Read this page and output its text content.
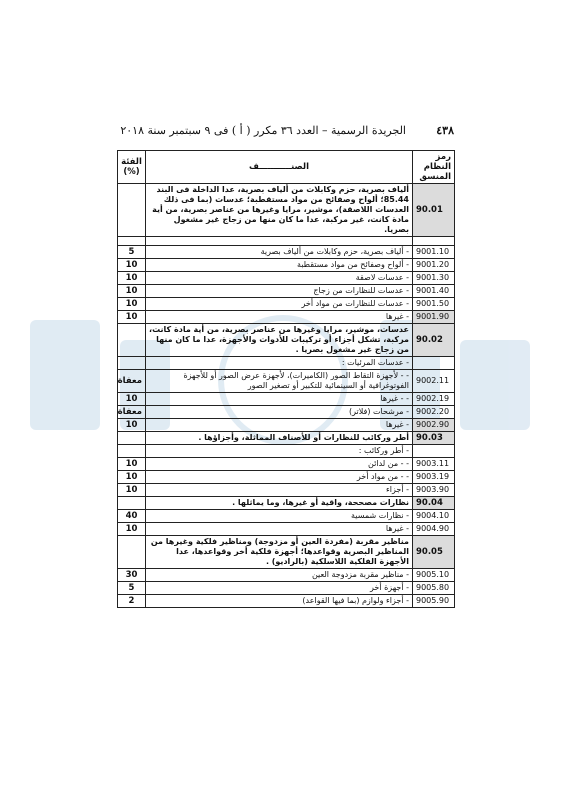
٤٣٨
الجريدة الرسمية – العدد ٣٦ مكرر ( أ ) فى ٩ سبتمبر سنة ٢٠١٨
رمز النظام المنسق	الصنـــــــــــف	الفئة (%)
90.01	ألياف بصرية، حزم وكابلات من ألياف بصرية، عدا الداخلة فى البند 85.44؛ ألواح وصفائح من مواد مستقطبة؛ عدسات (بما فى ذلك العدسات اللاصقة)، موشير، مرايا وغيرها من عناصر بصرية، من أية مادة كانت، غير مركبة، عدا ما كان منها من زجاج غير مشغول بصريا.	

9001.10	- ألياف بصرية، حزم وكابلات من ألياف بصرية	5
9001.20	- ألواح وصفائح من مواد مستقطبة	10
9001.30	- عدسات لاصقة	10
9001.40	- عدسات للنظارات من زجاج	10
9001.50	- عدسات للنظارات من مواد أخر	10
9001.90	- غيرها	10
90.02	عدسات، موشير، مرايا وغيرها من عناصر بصرية، من أية مادة كانت، مركبة، تشكل أجزاء أو تركيبات للأدوات والأجهزة، عدا ما كان منها من زجاج غير مشغول بصريا .	
	- عدسات المرئيات :	
9002.11	- - لأجهزة التقاط الصور (الكاميرات)، لأجهزة عرض الصور أو للأجهزة الفوتوغرافية أو السينمائية للتكبير أو تصغير الصور	معفاة
9002.19	- - غيرها	10
9002.20	- مرشحات (فلاتر)	معفاة
9002.90	- غيرها	10
90.03	أطر وركائب للنظارات أو للأصناف المماثلة، وأجزاؤها .	
	- أطر وركائب :	
9003.11	- - من لدائن	10
9003.19	- - من مواد أخر	10
9003.90	- أجزاء	10
90.04	نظارات مصححة، واقية أو غيرها، وما يماثلها .	
9004.10	- نظارات شمسية	40
9004.90	- غيرها	10
90.05	مناظير مقربة (مفردة العين أو مزدوجة) ومناظير فلكية وغيرها من المناظير البصرية وقواعدها؛ أجهزة فلكية أخر وقواعدها، عدا الأجهزة الفلكية اللاسلكية (بالراديو) .	
9005.10	- مناظير مقربة مزدوجة العين	30
9005.80	- أجهزة أخر	5
9005.90	- أجزاء ولوازم (بما فيها القواعد)	2
